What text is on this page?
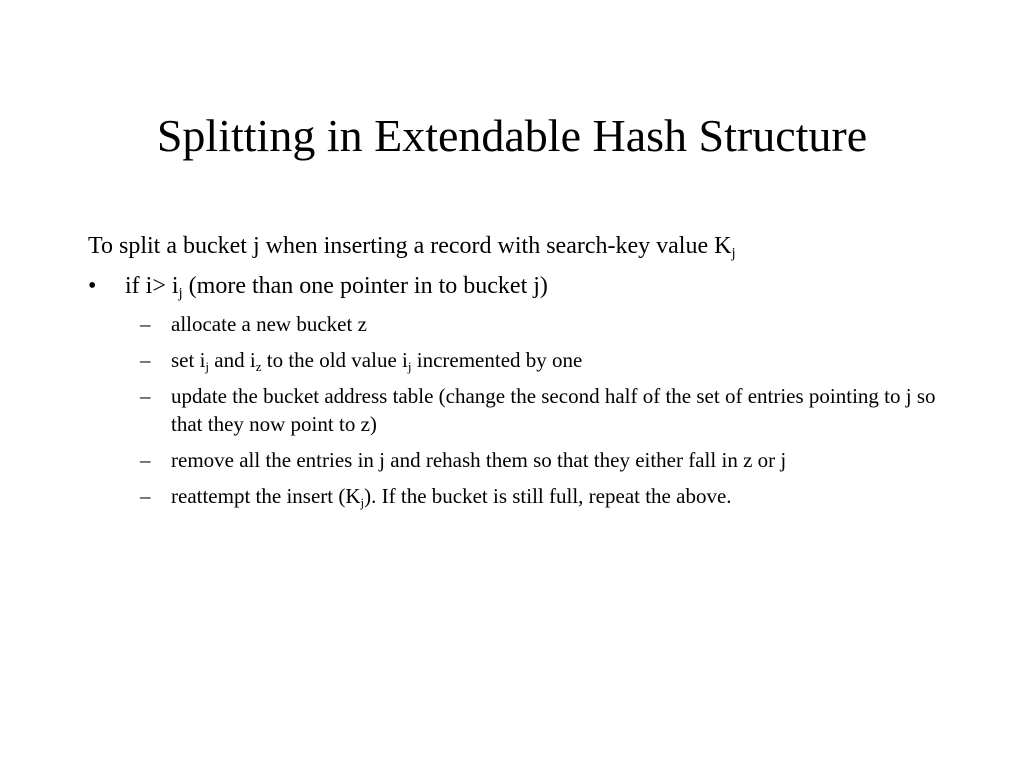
Splitting in Extendable Hash Structure
To split a bucket j when inserting a record with search-key value $K_j$
• if $i> i_j$ (more than one pointer in to bucket j)
– allocate a new bucket z
– set $i_j$ and $i_z$ to the old value $i_j$ incremented by one
– update the bucket address table (change the second half of the set of entries pointing to j so that they now point to z)
– remove all the entries in j and rehash them so that they either fall in z or j
– reattempt the insert $(K_j)$. If the bucket is still full, repeat the above.
